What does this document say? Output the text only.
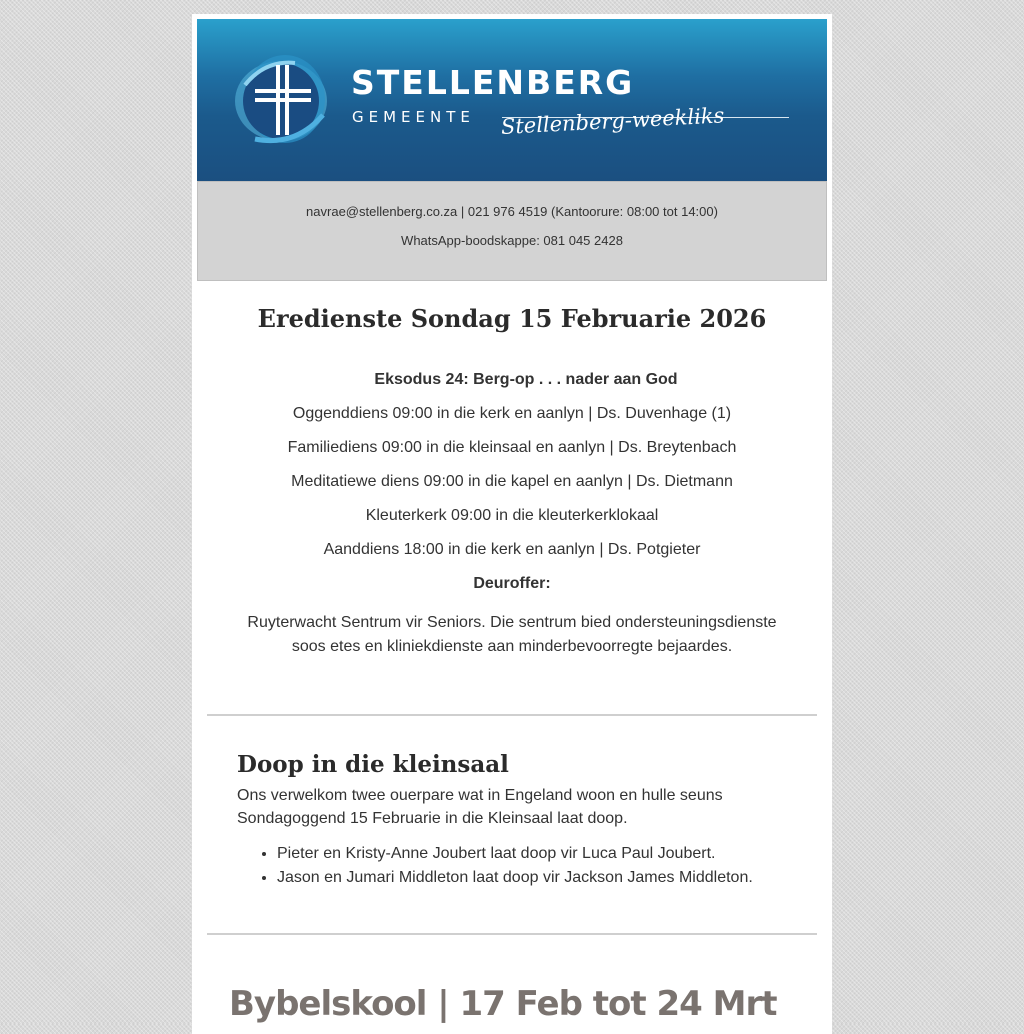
STELLENBERG
GEMEENTE Stellenberg-weekliks
navrae@stellenberg.co.za | 021 976 4519 (Kantoorure: 08:00 tot 14:00)
WhatsApp-boodskappe: 081 045 2428
Eredienste Sondag 15 Februarie 2026
Eksodus 24: Berg-op . . . nader aan God
Oggenddiens 09:00 in die kerk en aanlyn | Ds. Duvenhage (1)
Familiediens 09:00 in die kleinsaal en aanlyn | Ds. Breytenbach
Meditatiewe diens 09:00 in die kapel en aanlyn | Ds. Dietmann
Kleuterkerk 09:00 in die kleuterkerklokaal
Aanddiens 18:00 in die kerk en aanlyn | Ds. Potgieter
Deuroffer:
Ruyterwacht Sentrum vir Seniors. Die sentrum bied ondersteuningsdienste soos etes en kliniekdienste aan minderbevoorregte bejaardes.
Doop in die kleinsaal

Ons verwelkom twee ouerpare wat in Engeland woon en hulle seuns Sondagoggend 15 Februarie in die Kleinsaal laat doop.

• Pieter en Kristy-Anne Joubert laat doop vir Luca Paul Joubert.
• Jason en Jumari Middleton laat doop vir Jackson James Middleton.
Bybelskool | 17 Feb tot 24 Mrt
